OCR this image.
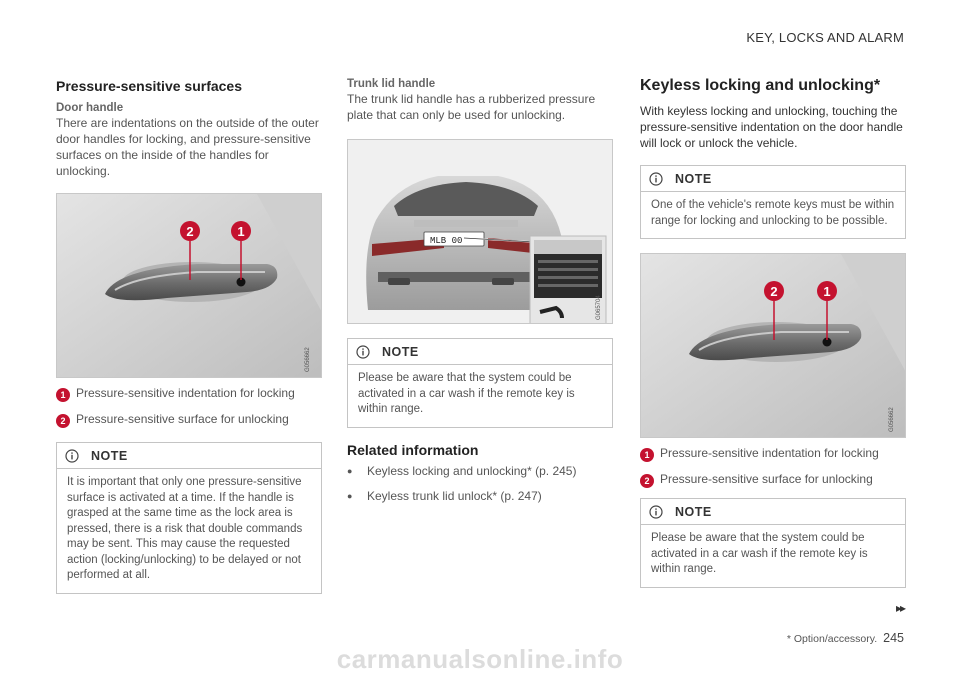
KEY, LOCKS AND ALARM
Pressure-sensitive surfaces
Door handle

There are indentations on the outside of the outer door handles for locking, and pressure-sensitive surfaces on the inside of the handles for unlocking.

2	1
G056662
1 Pressure-sensitive indentation for locking
2 Pressure-sensitive surface for unlocking
NOTE
It is important that only one pressure-sensitive surface is activated at a time. If the handle is grasped at the same time as the lock area is pressed, there is a risk that double commands may be sent. This may cause the requested action (locking/unlocking) to be delayed or not performed at all.
Trunk lid handle

The trunk lid handle has a rubberized pressure plate that can only be used for unlocking.

MLB 00
G065704
NOTE
Please be aware that the system could be activated in a car wash if the remote key is within range.
Related information
●	Keyless locking and unlocking* (p. 245)
●	Keyless trunk lid unlock* (p. 247)
Keyless locking and unlocking*

With keyless locking and unlocking, touching the pressure-sensitive indentation on the door handle will lock or unlock the vehicle.

NOTE
One of the vehicle's remote keys must be within range for locking and unlocking to be possible.
2	1
G056662
1 Pressure-sensitive indentation for locking
2 Pressure-sensitive surface for unlocking
NOTE
Please be aware that the system could be activated in a car wash if the remote key is within range.
▸▸
* Option/accessory. 245
carmanualsonline.info
